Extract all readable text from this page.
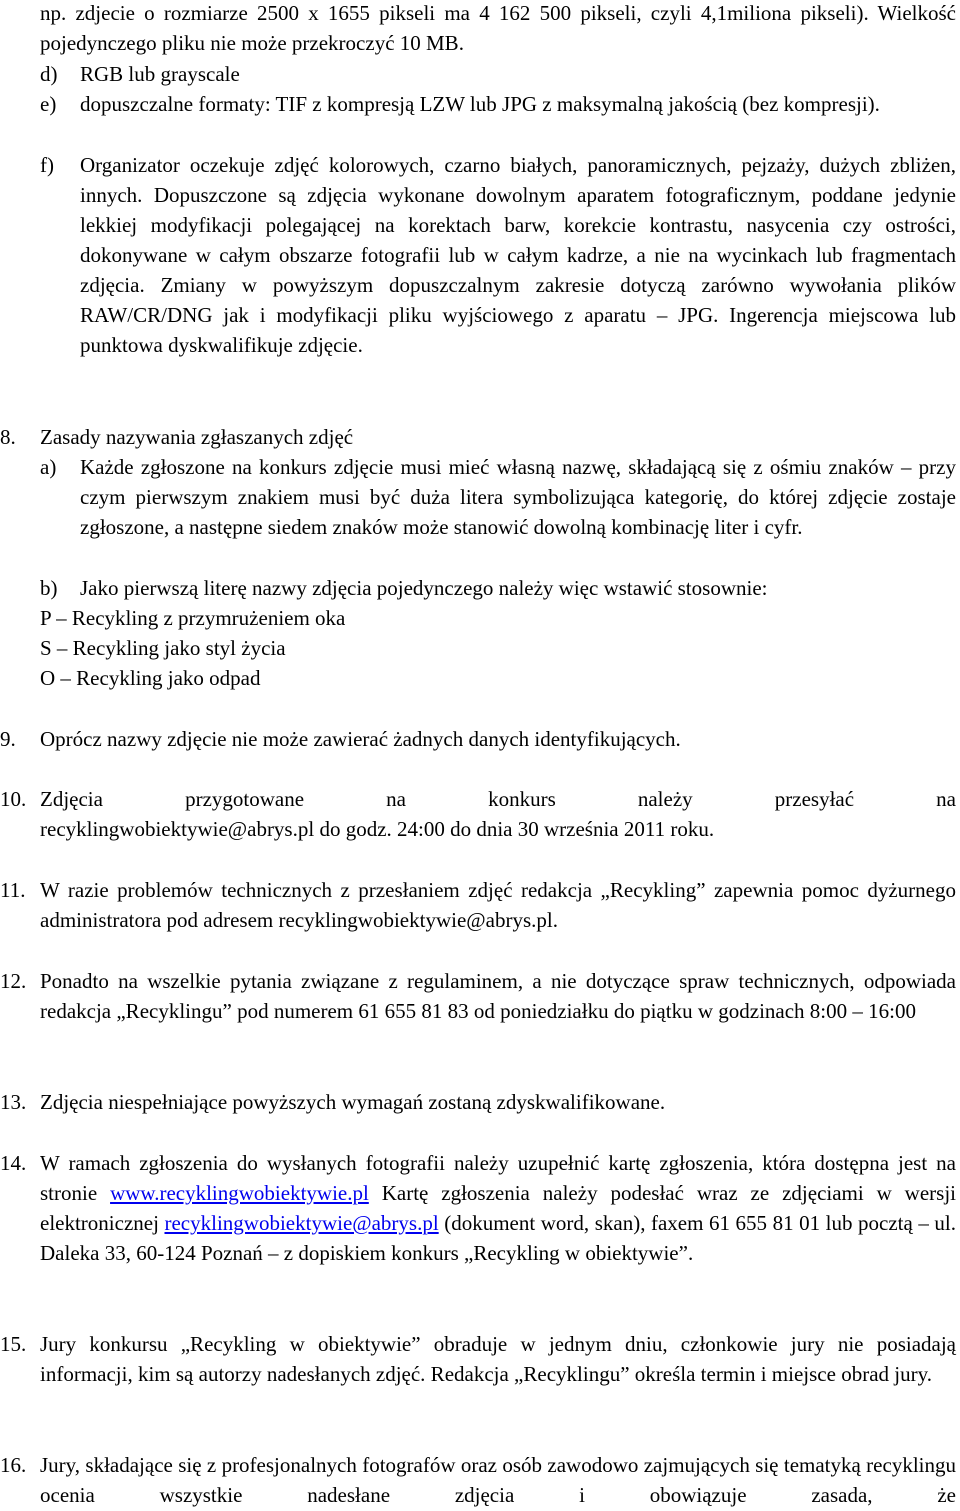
np. zdjecie o rozmiarze 2500 x 1655 pikseli ma 4 162 500 pikseli, czyli 4,1miliona pikseli). Wielkość pojedynczego pliku nie może przekroczyć 10 MB.

d) RGB lub grayscale

e) dopuszczalne formaty: TIF z kompresją LZW lub JPG z maksymalną jakością (bez kompresji).

f) Organizator oczekuje zdjęć kolorowych, czarno białych, panoramicznych, pejzaży, dużych zbliżen, innych. Dopuszczone są zdjęcia wykonane dowolnym aparatem fotograficznym, poddane jedynie lekkiej modyfikacji polegającej na korektach barw, korekcie kontrastu, nasycenia czy ostrości, dokonywane w całym obszarze fotografii lub w całym kadrze, a nie na wycinkach lub fragmentach zdjęcia. Zmiany w powyższym dopuszczalnym zakresie dotyczą zarówno wywołania plików RAW/CR/DNG jak i modyfikacji pliku wyjściowego z aparatu – JPG. Ingerencja miejscowa lub punktowa dyskwalifikuje zdjęcie.

8. Zasady nazywania zgłaszanych zdjęć

a) Każde zgłoszone na konkurs zdjęcie musi mieć własną nazwę, składającą się z ośmiu znaków – przy czym pierwszym znakiem musi być duża litera symbolizująca kategorię, do której zdjęcie zostaje zgłoszone, a następne siedem znaków może stanowić dowolną kombinację liter i cyfr.

b) Jako pierwszą literę nazwy zdjęcia pojedynczego należy więc wstawić stosownie:

P – Recykling z przymrużeniem oka

S – Recykling jako styl życia

O – Recykling jako odpad

9. Oprócz nazwy zdjęcie nie może zawierać żadnych danych identyfikujących.

10. Zdjęcia przygotowane na konkurs należy przesyłać na

recyklingwobiektywie@abrys.pl do godz. 24:00 do dnia 30 września 2011 roku.

11. W razie problemów technicznych z przesłaniem zdjęć redakcja „Recykling” zapewnia pomoc dyżurnego administratora pod adresem recyklingwobiektywie@abrys.pl.

12. Ponadto na wszelkie pytania związane z regulaminem, a nie dotyczące spraw technicznych, odpowiada redakcja „Recyklingu” pod numerem 61 655 81 83 od poniedziałku do piątku w godzinach 8:00 – 16:00

13. Zdjęcia niespełniające powyższych wymagań zostaną zdyskwalifikowane.

14. W ramach zgłoszenia do wysłanych fotografii należy uzupełnić kartę zgłoszenia, która dostępna jest na stronie www.recyklingwobiektywie.pl Kartę zgłoszenia należy podesłać wraz ze zdjęciami w wersji elektronicznej recyklingwobiektywie@abrys.pl (dokument word, skan), faxem 61 655 81 01 lub pocztą – ul. Daleka 33, 60-124 Poznań – z dopiskiem konkurs „Recykling w obiektywie”.

15. Jury konkursu „Recykling w obiektywie” obraduje w jednym dniu, członkowie jury nie posiadają informacji, kim są autorzy nadesłanych zdjęć. Redakcja „Recyklingu” określa termin i miejsce obrad jury.

16. Jury, składające się z profesjonalnych fotografów oraz osób zawodowo zajmujących się tematyką recyklingu ocenia wszystkie nadesłane zdjęcia i obowiązuje zasada, że
